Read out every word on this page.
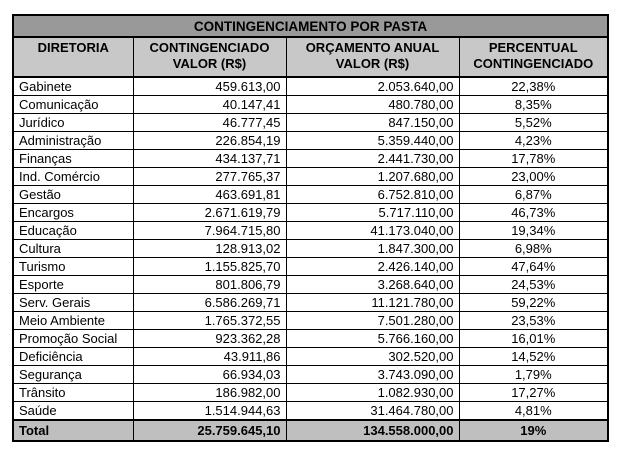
CONTINGENCIAMENTO POR PASTA			
DIRETORIA	CONTINGENCIADO VALOR (R$)	ORÇAMENTO ANUAL VALOR (R$)	PERCENTUAL CONTINGENCIADO
Gabinete	459.613,00	2.053.640,00	22,38%
Comunicação	40.147,41	480.780,00	8,35%
Jurídico	46.777,45	847.150,00	5,52%
Administração	226.854,19	5.359.440,00	4,23%
Finanças	434.137,71	2.441.730,00	17,78%
Ind. Comércio	277.765,37	1.207.680,00	23,00%
Gestão	463.691,81	6.752.810,00	6,87%
Encargos	2.671.619,79	5.717.110,00	46,73%
Educação	7.964.715,80	41.173.040,00	19,34%
Cultura	128.913,02	1.847.300,00	6,98%
Turismo	1.155.825,70	2.426.140,00	47,64%
Esporte	801.806,79	3.268.640,00	24,53%
Serv. Gerais	6.586.269,71	11.121.780,00	59,22%
Meio Ambiente	1.765.372,55	7.501.280,00	23,53%
Promoção Social	923.362,28	5.766.160,00	16,01%
Deficiência	43.911,86	302.520,00	14,52%
Segurança	66.934,03	3.743.090,00	1,79%
Trânsito	186.982,00	1.082.930,00	17,27%
Saúde	1.514.944,63	31.464.780,00	4,81%
Total	25.759.645,10	134.558.000,00	19%
